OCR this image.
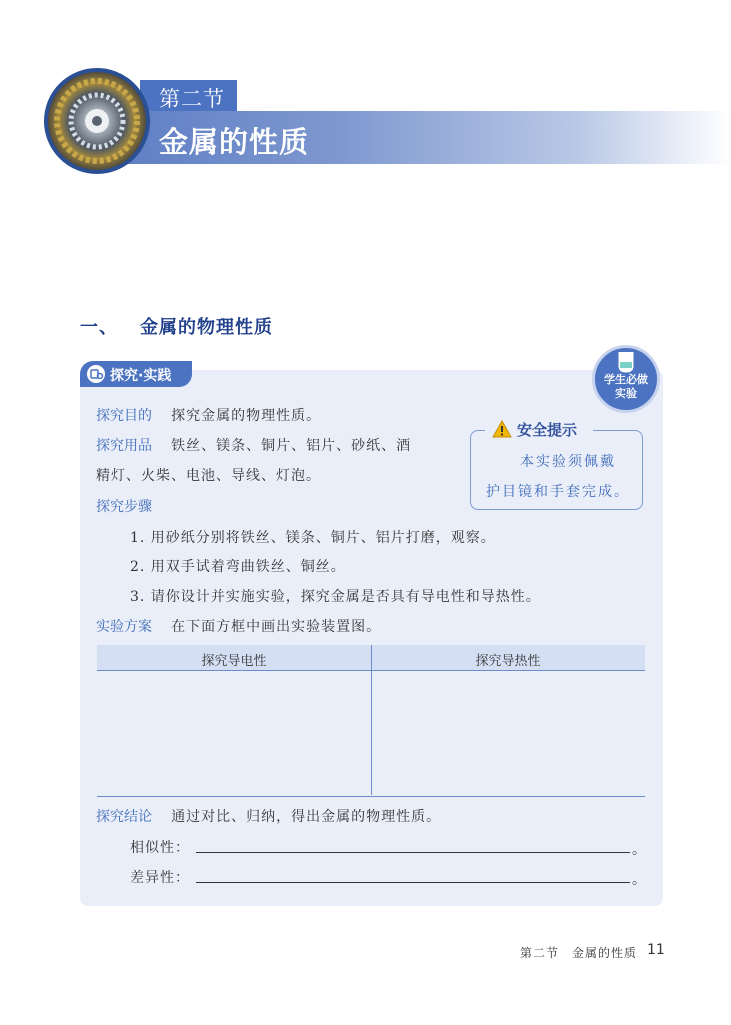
第二节
金属的性质
一、 金属的物理性质
探究·实践	学生必做
实验
探究目的 探究金属的物理性质。
探究用品 铁丝、镁条、铜片、铝片、砂纸、酒
精灯、火柴、电池、导线、灯泡。
安全提示
本实验须佩戴
护目镜和手套完成。
探究步骤
1. 用砂纸分别将铁丝、镁条、铜片、铝片打磨，观察。
2. 用双手试着弯曲铁丝、铜丝。
3. 请你设计并实施实验，探究金属是否具有导电性和导热性。
实验方案 在下面方框中画出实验装置图。
探究导电性	探究导热性
探究结论 通过对比、归纳，得出金属的物理性质。
相似性：	。
差异性：	。
第二节　金属的性质 11
